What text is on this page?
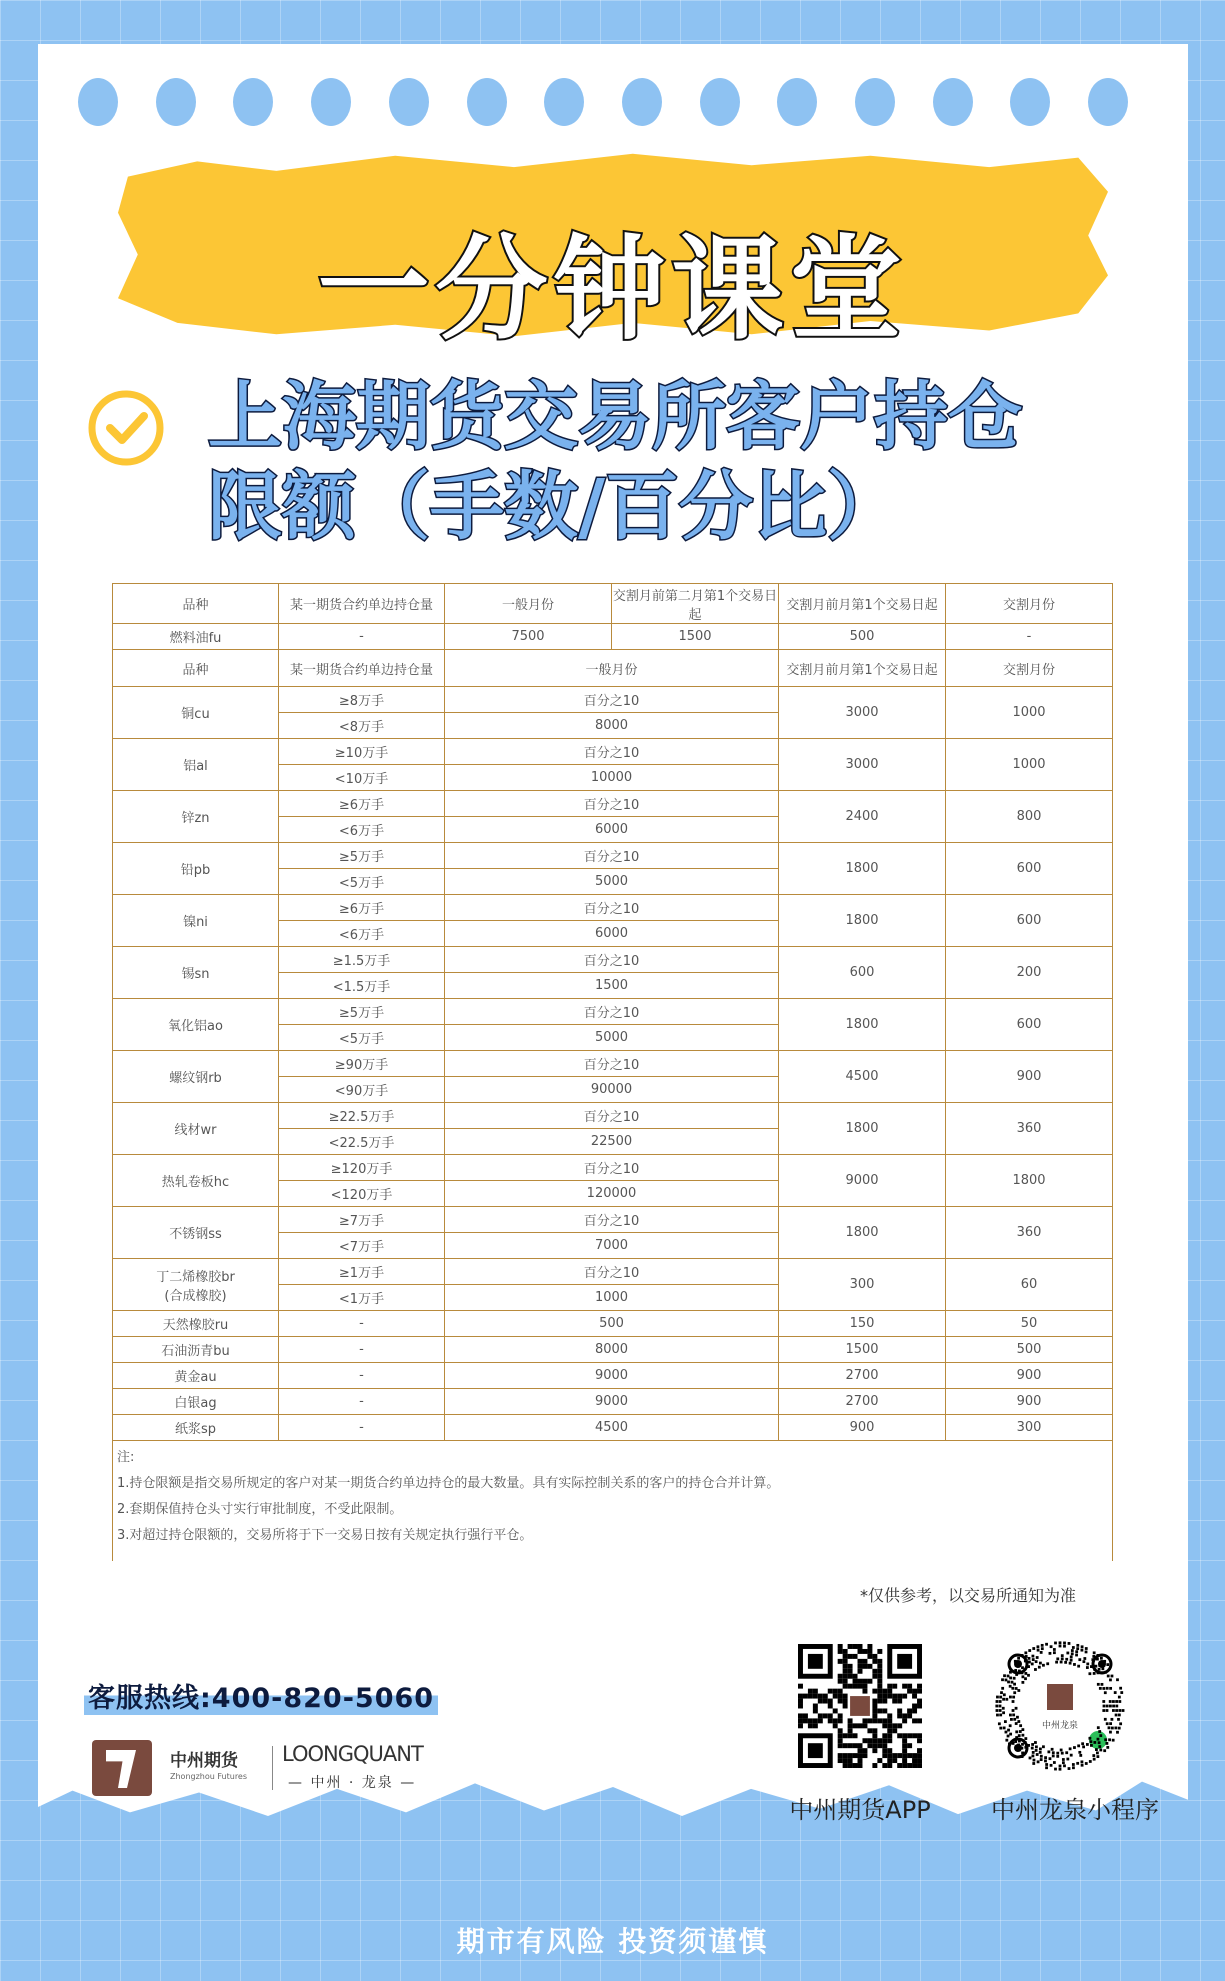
一分钟课堂
上海期货交易所客户持仓
限额（手数/百分比）
品种	某一期货合约单边持仓量	一般月份	交割月前第二月第1个交易日起	交割月前月第1个交易日起	交割月份
燃料油fu	-	7500	1500	500	-
品种	某一期货合约单边持仓量	一般月份		交割月前月第1个交易日起	交割月份

铜cu	≥8万手	百分之10		3000	1000
	<8万手	8000			

铝al	≥10万手	百分之10		3000	1000
	<10万手	10000			

锌zn	≥6万手	百分之10		2400	800
	<6万手	6000			

铅pb	≥5万手	百分之10		1800	600
	<5万手	5000			

镍ni	≥6万手	百分之10		1800	600
	<6万手	6000			

锡sn	≥1.5万手	百分之10		600	200
	<1.5万手	1500			

氧化铝ao	≥5万手	百分之10		1800	600
	<5万手	5000			

螺纹钢rb	≥90万手	百分之10		4500	900
	<90万手	90000			

线材wr	≥22.5万手	百分之10		1800	360
	<22.5万手	22500			

热轧卷板hc	≥120万手	百分之10		9000	1800
	<120万手	120000			

不锈钢ss	≥7万手	百分之10		1800	360
	<7万手	7000			

丁二烯橡胶br
(合成橡胶)	≥1万手	百分之10		300	60
	<1万手	1000			
天然橡胶ru	-	500		150	50
石油沥青bu	-	8000		1500	500
黄金au	-	9000		2700	900
白银ag	-	9000		2700	900
纸浆sp	-	4500		900	300

注:
1.持仓限额是指交易所规定的客户对某一期货合约单边持仓的最大数量。具有实际控制关系的客户的持仓合并计算。
2.套期保值持仓头寸实行审批制度，不受此限制。
3.对超过持仓限额的，交易所将于下一交易日按有关规定执行强行平仓。					
*仅供参考，以交易所通知为准
客服热线:400-820-5060
中州期货
Zhongzhou Futures
LOONGQUANT
— 中州 · 龙泉 —
中州期货APP
中州龙泉
中州龙泉小程序
期市有风险 投资须谨慎
